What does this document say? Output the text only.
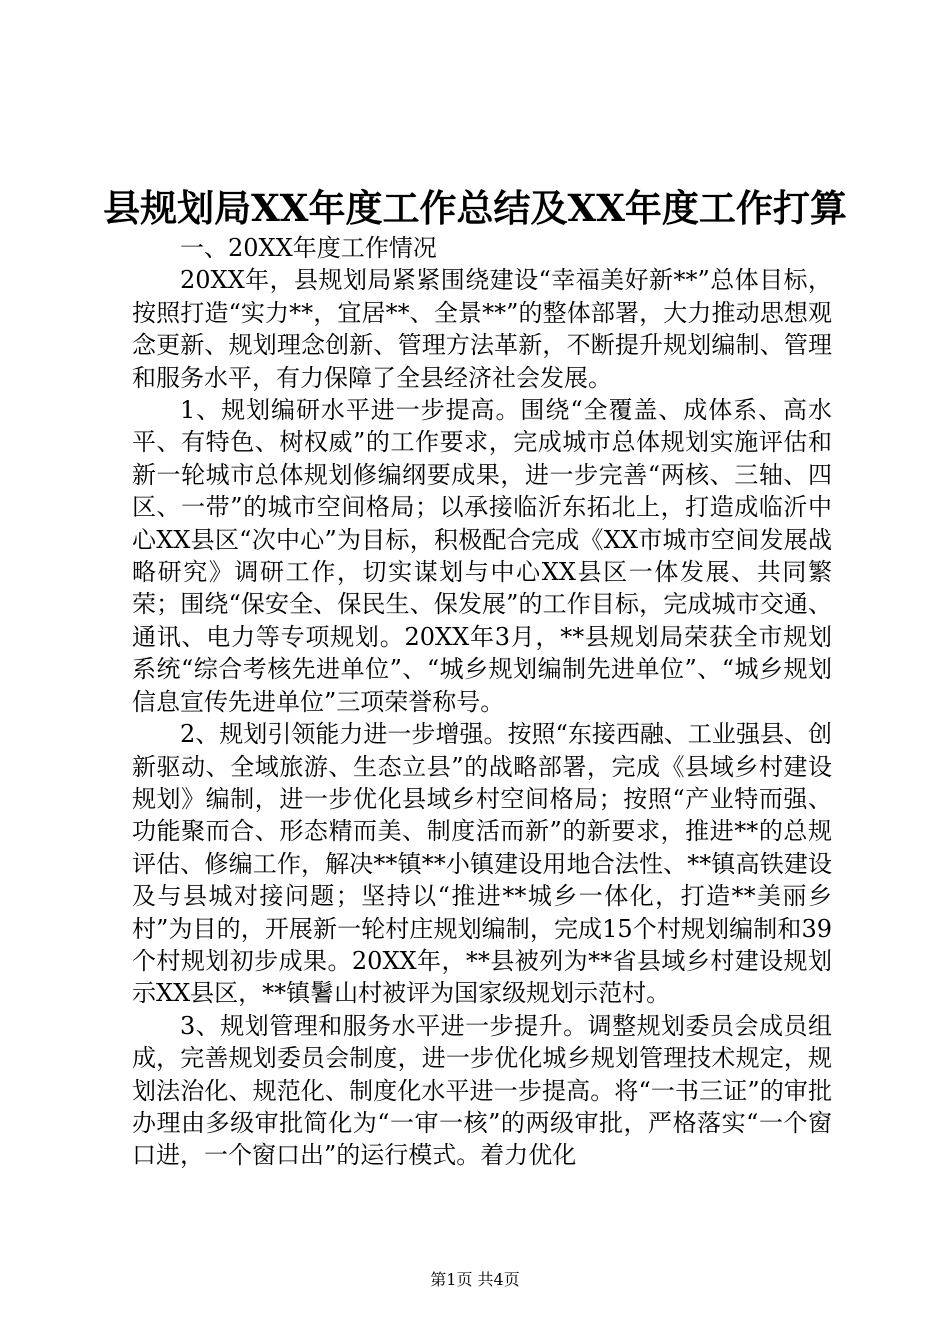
县规划局XX年度工作总结及XX年度工作打算

一、20XX年度工作情况

20XX年，县规划局紧紧围绕建设“幸福美好新**”总体目标，按照打造“实力**，宜居**、全景**”的整体部署，大力推动思想观念更新、规划理念创新、管理方法革新，不断提升规划编制、管理和服务水平，有力保障了全县经济社会发展。

1、规划编研水平进一步提高。围绕“全覆盖、成体系、高水平、有特色、树权威”的工作要求，完成城市总体规划实施评估和新一轮城市总体规划修编纲要成果，进一步完善“两核、三轴、四区、一带”的城市空间格局；以承接临沂东拓北上，打造成临沂中心XX县区“次中心”为目标，积极配合完成《XX市城市空间发展战略研究》调研工作，切实谋划与中心XX县区一体发展、共同繁荣；围绕“保安全、保民生、保发展”的工作目标，完成城市交通、通讯、电力等专项规划。20XX年3月，**县规划局荣获全市规划系统“综合考核先进单位”、“城乡规划编制先进单位”、“城乡规划信息宣传先进单位”三项荣誉称号。

2、规划引领能力进一步增强。按照“东接西融、工业强县、创新驱动、全域旅游、生态立县”的战略部署，完成《县域乡村建设规划》编制，进一步优化县域乡村空间格局；按照“产业特而强、功能聚而合、形态精而美、制度活而新”的新要求，推进**的总规评估、修编工作，解决**镇**小镇建设用地合法性、**镇高铁建设及与县城对接问题；坚持以“推进**城乡一体化，打造**美丽乡村”为目的，开展新一轮村庄规划编制，完成15个村规划编制和39个村规划初步成果。20XX年，**县被列为**省县域乡村建设规划示XX县区，**镇鬐山村被评为国家级规划示范村。

3、规划管理和服务水平进一步提升。调整规划委员会成员组成，完善规划委员会制度，进一步优化城乡规划管理技术规定，规划法治化、规范化、制度化水平进一步提高。将“一书三证”的审批办理由多级审批简化为“一审一核”的两级审批，严格落实“一个窗口进，一个窗口出”的运行模式。着力优化

第1页 共4页
